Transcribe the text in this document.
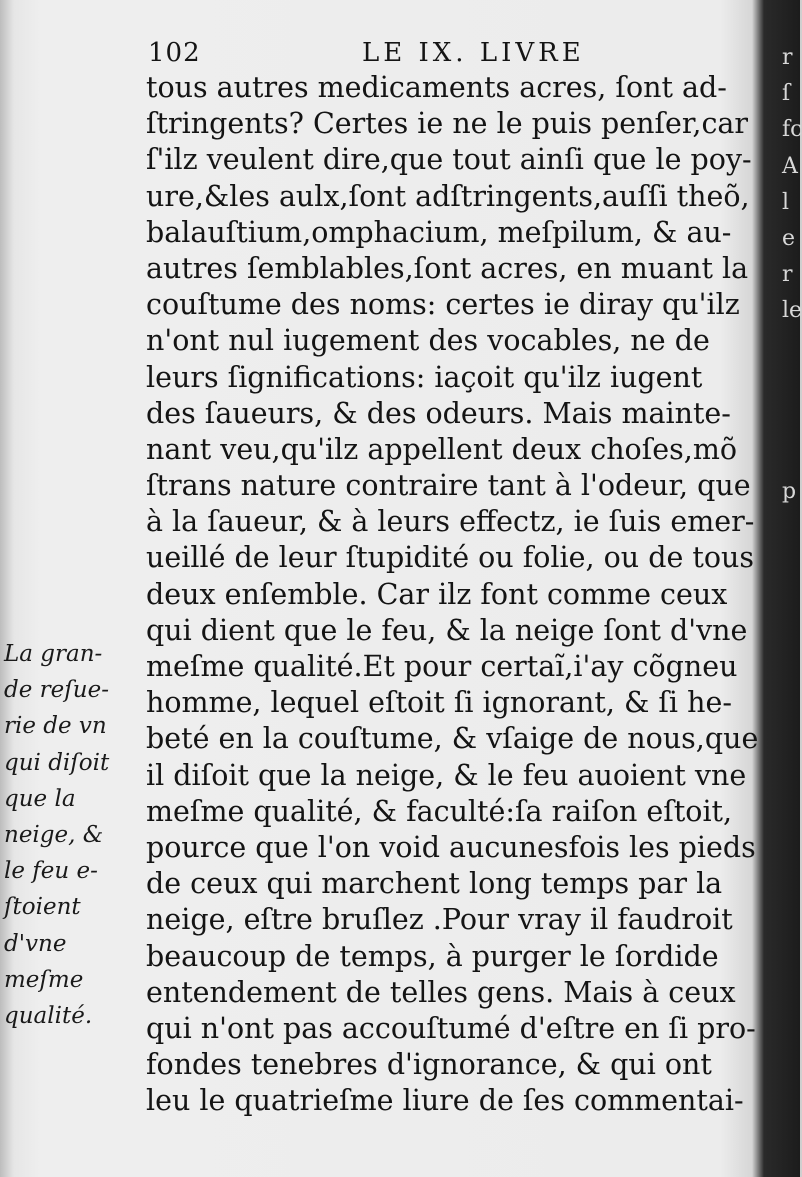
102	LE IX. LIVRE
tous autres medicaments acres, ſont ad-
ſtringents? Certes ie ne le puis penſer,car
ſ'ilz veulent dire,que tout ainſi que le poy-
ure,&les aulx,ſont adſtringents,auſſi theõ,
balauſtium,omphacium, meſpilum, & au-
autres ſemblables,ſont acres, en muant la
couſtume des noms: certes ie diray qu'ilz
n'ont nul iugement des vocables, ne de
leurs ſignifications: iaçoit qu'ilz iugent
des ſaueurs, & des odeurs. Mais mainte-
nant veu,qu'ilz appellent deux choſes,mõ
ſtrans nature contraire tant à l'odeur, que
à la ſaueur, & à leurs effectz, ie ſuis emer-
ueillé de leur ſtupidité ou folie, ou de tous
deux enſemble. Car ilz font comme ceux
qui dient que le feu, & la neige ſont d'vne
meſme qualité.Et pour certaĩ,i'ay cõgneu
homme, lequel eſtoit ſi ignorant, & ſi he-
beté en la couſtume, & vſaige de nous,que
il diſoit que la neige, & le feu auoient vne
meſme qualité, & faculté:ſa raiſon eſtoit,
pource que l'on void aucunesfois les pieds
de ceux qui marchent long temps par la
neige, eſtre bruſlez .Pour vray il faudroit
beaucoup de temps, à purger le ſordide
entendement de telles gens. Mais à ceux
qui n'ont pas accouſtumé d'eſtre en ſi pro-
fondes tenebres d'ignorance, & qui ont
leu le quatrieſme liure de ſes commentai-
La gran-
de reſue-
rie de vn
qui diſoit
que la
neige, &
le feu e-
ſtoient
d'vne
meſme
qualité.
r
ſ
fc
A
l
e
r
le
p
